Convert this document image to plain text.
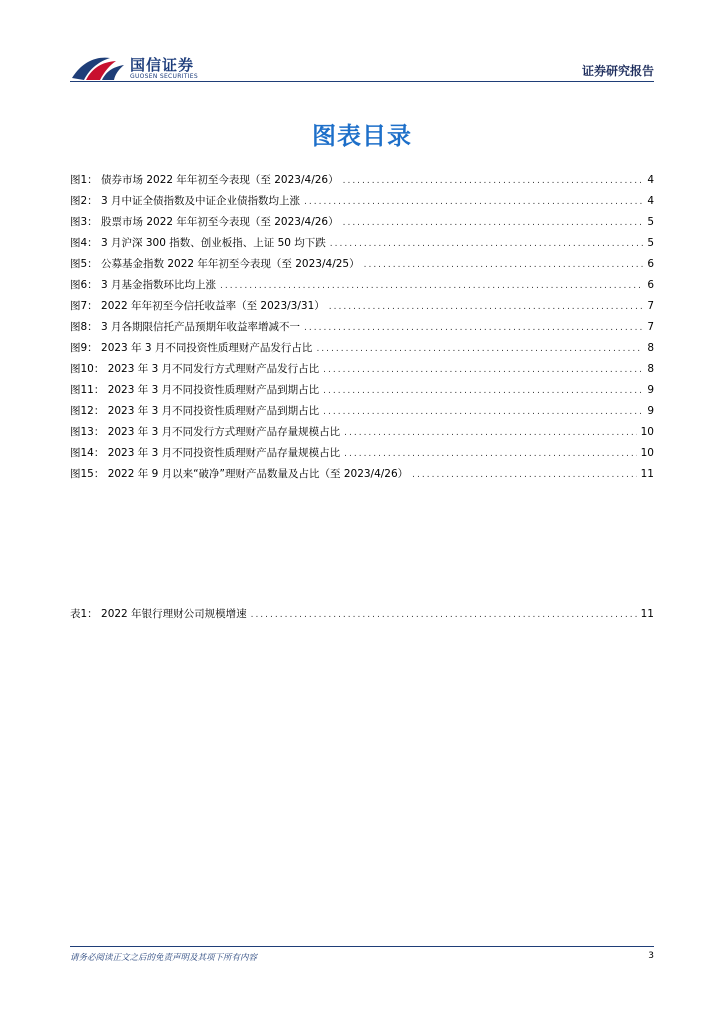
国信证券
GUOSEN SECURITIES	证券研究报告
图表目录
图1： 债券市场 2022 年年初至今表现（至 2023/4/26） .....	4
图2： 3 月中证全债指数及中证企业债指数均上涨 .....	4
图3： 股票市场 2022 年年初至今表现（至 2023/4/26） .....	5
图4： 3 月沪深 300 指数、创业板指、上证 50 均下跌 .....	5
图5： 公募基金指数 2022 年年初至今表现（至 2023/4/25） .....	6
图6： 3 月基金指数环比均上涨 .....	6
图7： 2022 年年初至今信托收益率（至 2023/3/31） .....	7
图8： 3 月各期限信托产品预期年收益率增减不一 .....	7
图9： 2023 年 3 月不同投资性质理财产品发行占比 .....	8
图10： 2023 年 3 月不同发行方式理财产品发行占比 .....	8
图11： 2023 年 3 月不同投资性质理财产品到期占比 .....	9
图12： 2023 年 3 月不同投资性质理财产品到期占比 .....	9
图13： 2023 年 3 月不同发行方式理财产品存量规模占比 .....	10
图14： 2023 年 3 月不同投资性质理财产品存量规模占比 .....	10
图15： 2022 年 9 月以来“破净”理财产品数量及占比（至 2023/4/26） .....	11
表1： 2022 年银行理财公司规模增速 .....	11
请务必阅读正文之后的免责声明及其项下所有内容	3
